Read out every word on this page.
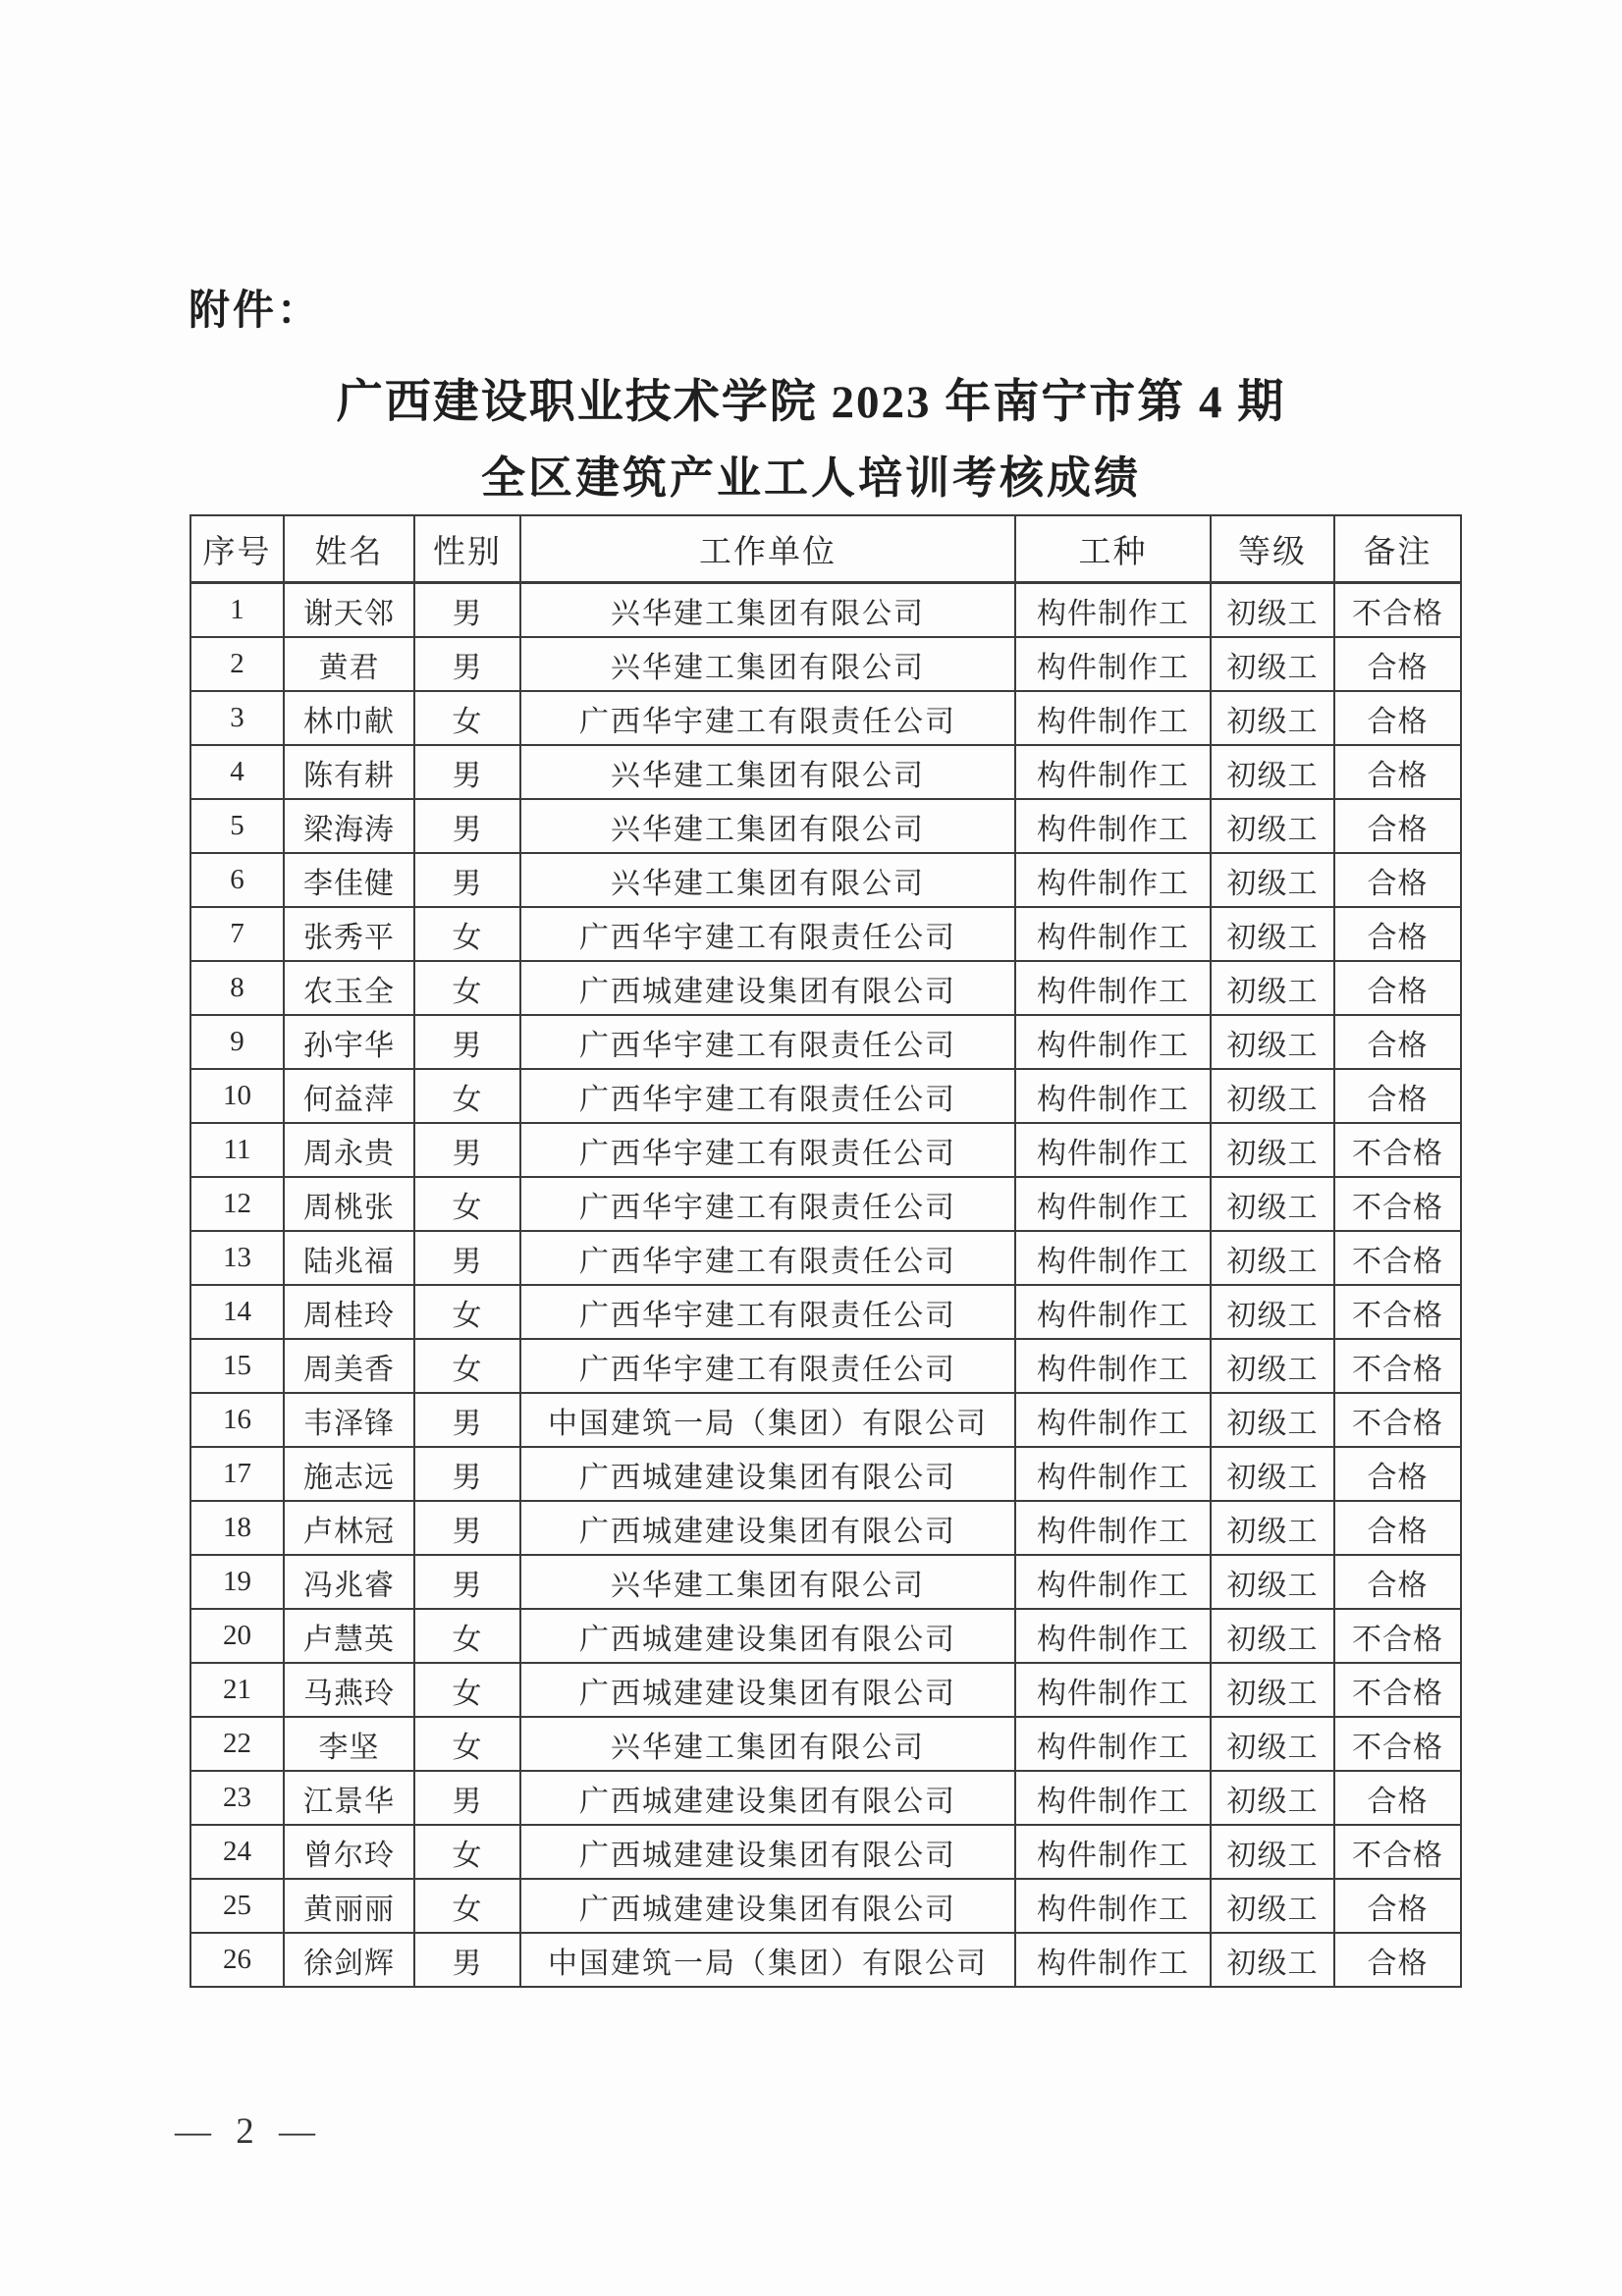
附件：
广西建设职业技术学院 2023 年南宁市第 4 期
全区建筑产业工人培训考核成绩
序号	姓名	性别	工作单位	工种	等级	备注
1	谢天邻	男	兴华建工集团有限公司	构件制作工	初级工	不合格
2	黄君	男	兴华建工集团有限公司	构件制作工	初级工	合格
3	林巾献	女	广西华宇建工有限责任公司	构件制作工	初级工	合格
4	陈有耕	男	兴华建工集团有限公司	构件制作工	初级工	合格
5	梁海涛	男	兴华建工集团有限公司	构件制作工	初级工	合格
6	李佳健	男	兴华建工集团有限公司	构件制作工	初级工	合格
7	张秀平	女	广西华宇建工有限责任公司	构件制作工	初级工	合格
8	农玉全	女	广西城建建设集团有限公司	构件制作工	初级工	合格
9	孙宇华	男	广西华宇建工有限责任公司	构件制作工	初级工	合格
10	何益萍	女	广西华宇建工有限责任公司	构件制作工	初级工	合格
11	周永贵	男	广西华宇建工有限责任公司	构件制作工	初级工	不合格
12	周桃张	女	广西华宇建工有限责任公司	构件制作工	初级工	不合格
13	陆兆福	男	广西华宇建工有限责任公司	构件制作工	初级工	不合格
14	周桂玲	女	广西华宇建工有限责任公司	构件制作工	初级工	不合格
15	周美香	女	广西华宇建工有限责任公司	构件制作工	初级工	不合格
16	韦泽锋	男	中国建筑一局（集团）有限公司	构件制作工	初级工	不合格
17	施志远	男	广西城建建设集团有限公司	构件制作工	初级工	合格
18	卢林冠	男	广西城建建设集团有限公司	构件制作工	初级工	合格
19	冯兆睿	男	兴华建工集团有限公司	构件制作工	初级工	合格
20	卢慧英	女	广西城建建设集团有限公司	构件制作工	初级工	不合格
21	马燕玲	女	广西城建建设集团有限公司	构件制作工	初级工	不合格
22	李坚	女	兴华建工集团有限公司	构件制作工	初级工	不合格
23	江景华	男	广西城建建设集团有限公司	构件制作工	初级工	合格
24	曾尔玲	女	广西城建建设集团有限公司	构件制作工	初级工	不合格
25	黄丽丽	女	广西城建建设集团有限公司	构件制作工	初级工	合格
26	徐剑辉	男	中国建筑一局（集团）有限公司	构件制作工	初级工	合格
— 2 —
